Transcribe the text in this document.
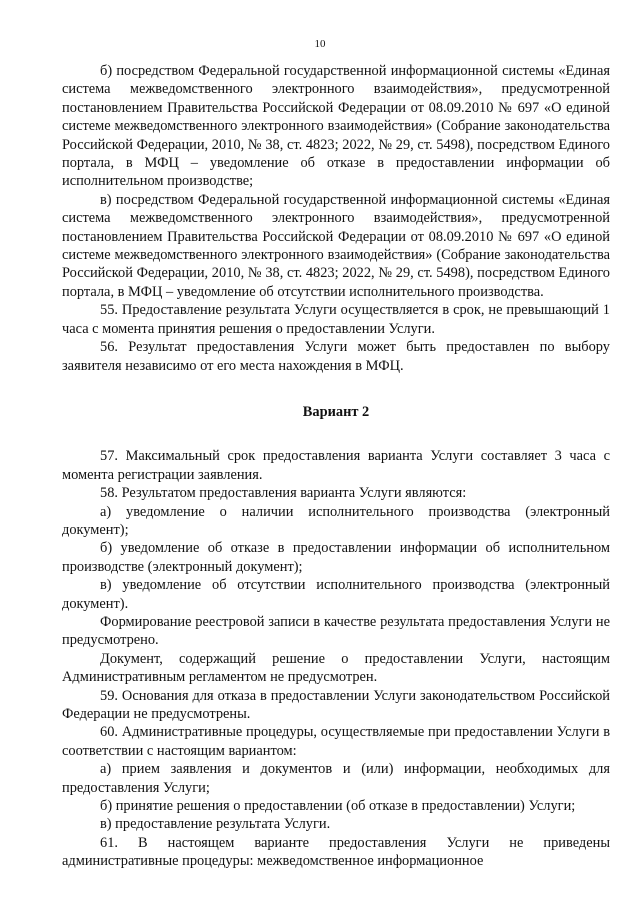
10

б) посредством Федеральной государственной информационной системы «Единая система межведомственного электронного взаимодействия», предусмотренной постановлением Правительства Российской Федерации от 08.09.2010 № 697 «О единой системе межведомственного электронного взаимодействия» (Собрание законодательства Российской Федерации, 2010, № 38, ст. 4823; 2022, № 29, ст. 5498), посредством Единого портала, в МФЦ – уведомление об отказе в предоставлении информации об исполнительном производстве;

в) посредством Федеральной государственной информационной системы «Единая система межведомственного электронного взаимодействия», предусмотренной постановлением Правительства Российской Федерации от 08.09.2010 № 697 «О единой системе межведомственного электронного взаимодействия» (Собрание законодательства Российской Федерации, 2010, № 38, ст. 4823; 2022, № 29, ст. 5498), посредством Единого портала, в МФЦ – уведомление об отсутствии исполнительного производства.

55. Предоставление результата Услуги осуществляется в срок, не превышающий 1 часа с момента принятия решения о предоставлении Услуги.

56. Результат предоставления Услуги может быть предоставлен по выбору заявителя независимо от его места нахождения в МФЦ.

Вариант 2

57. Максимальный срок предоставления варианта Услуги составляет 3 часа с момента регистрации заявления.

58. Результатом предоставления варианта Услуги являются:

а) уведомление о наличии исполнительного производства (электронный документ);

б) уведомление об отказе в предоставлении информации об исполнительном производстве (электронный документ);

в) уведомление об отсутствии исполнительного производства (электронный документ).

Формирование реестровой записи в качестве результата предоставления Услуги не предусмотрено.

Документ, содержащий решение о предоставлении Услуги, настоящим Административным регламентом не предусмотрен.

59. Основания для отказа в предоставлении Услуги законодательством Российской Федерации не предусмотрены.

60. Административные процедуры, осуществляемые при предоставлении Услуги в соответствии с настоящим вариантом:

а) прием заявления и документов и (или) информации, необходимых для предоставления Услуги;

б) принятие решения о предоставлении (об отказе в предоставлении) Услуги;

в) предоставление результата Услуги.

61. В настоящем варианте предоставления Услуги не приведены административные процедуры: межведомственное информационное
